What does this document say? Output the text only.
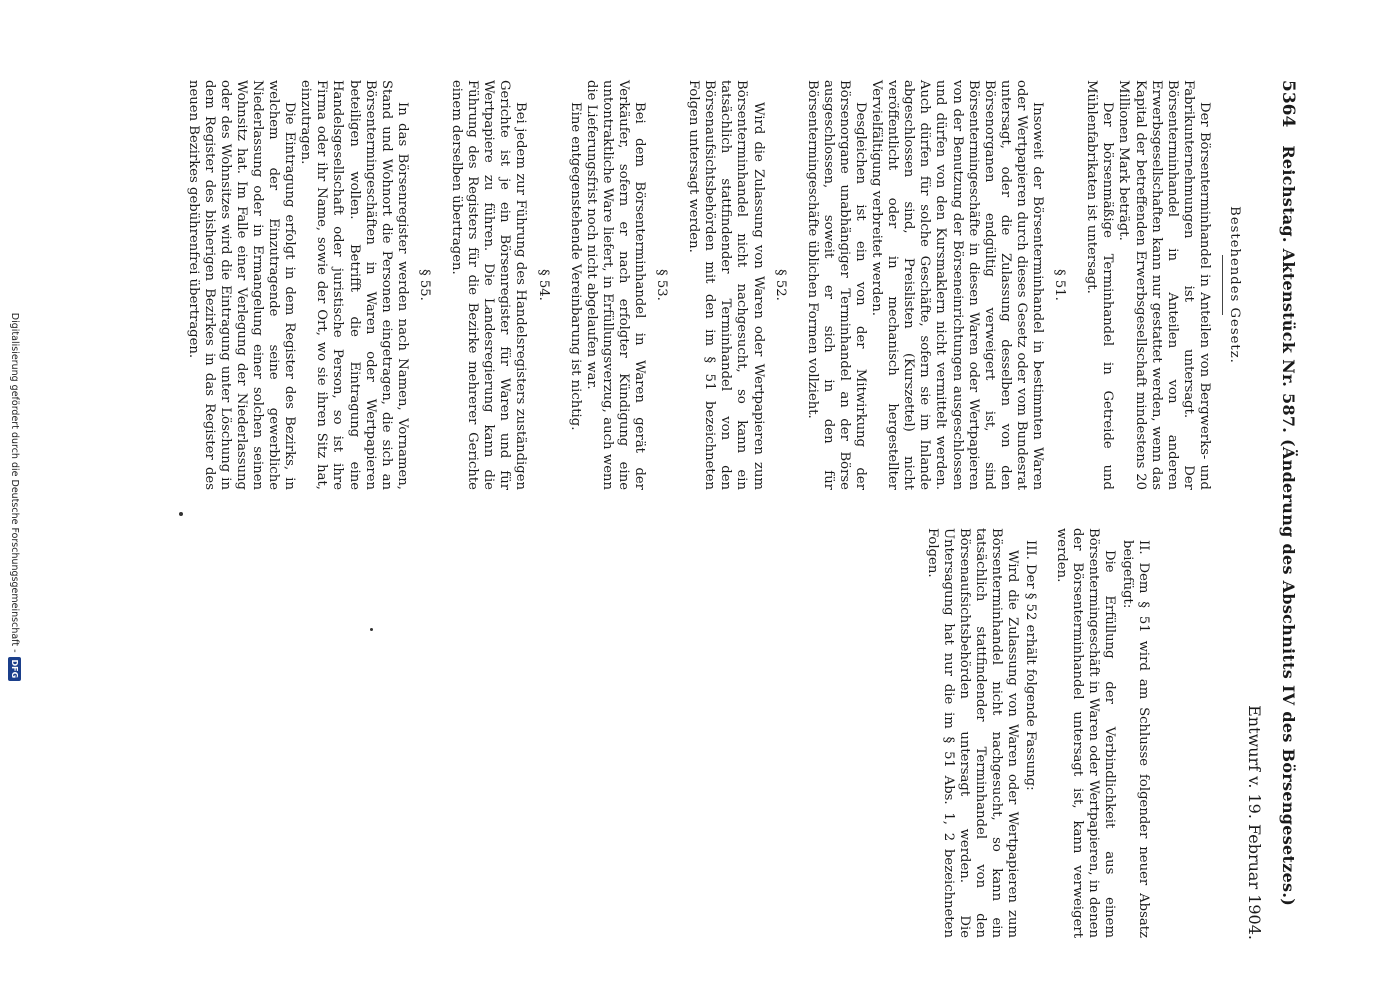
5364
Reichstag. Aktenstück Nr. 587. (Änderung des Abschnitts IV des Börsengesetzes.)
Entwurf v. 19. Februar 1904.
Bestehendes Gesetz.

Der Börsenterminhandel in Anteilen von Bergwerks- und Fabrikunternehmungen ist untersagt. Der Börsenterminhandel in Anteilen von anderen Erwerbsgesellschaften kann nur gestattet werden, wenn das Kapital der betreffenden Erwerbsgesellschaft mindestens 20 Millionen Mark beträgt.

Der börsenmäßige Terminhandel in Getreide und Mühlenfabrikaten ist untersagt.

§ 51.

Insoweit der Börsenterminhandel in bestimmten Waren oder Wertpapieren durch dieses Gesetz oder vom Bundesrat untersagt, oder die Zulassung desselben von den Börsenorganen endgültig verweigert ist, sind Börsentermingeschäfte in diesen Waren oder Wertpapieren von der Benutzung der Börseneinrichtungen ausgeschlossen und dürfen von den Kursmaklern nicht vermittelt werden. Auch dürfen für solche Geschäfte, sofern sie im Inlande abgeschlossen sind, Preislisten (Kurszettel) nicht veröffentlicht oder in mechanisch hergestellter Vervielfältigung verbreitet werden.

Desgleichen ist ein von der Mitwirkung der Börsenorgane unabhängiger Terminhandel an der Börse ausgeschlossen, soweit er sich in den für Börsentermingeschäfte üblichen Formen vollzieht.

§ 52.

Wird die Zulassung von Waren oder Wertpapieren zum Börsenterminhandel nicht nachgesucht, so kann ein tatsächlich stattfindender Terminhandel von den Börsenaufsichtsbehörden mit den im § 51 bezeichneten Folgen untersagt werden.

§ 53.

Bei dem Börsenterminhandel in Waren gerät der Verkäufer, sofern er nach erfolgter Kündigung eine untontraktliche Ware liefert, in Erfüllungsverzug, auch wenn die Lieferungsfrist noch nicht abgelaufen war.

Eine entgegenstehende Vereinbarung ist nichtig.

§ 54.

Bei jedem zur Führung des Handelsregisters zuständigen Gerichte ist je ein Börsenregister für Waren und für Wertpapiere zu führen. Die Landesregierung kann die Führung des Registers für die Bezirke mehrerer Gerichte einem derselben übertragen.

§ 55.

In das Börsenregister werden nach Namen, Vornamen, Stand und Wohnort die Personen eingetragen, die sich an Börsentermingeschäften in Waren oder Wertpapieren beteiligen wollen. Betrifft die Eintragung eine Handelsgesellschaft oder juristische Person, so ist ihre Firma oder ihr Name, sowie der Ort, wo sie ihren Sitz hat, einzutragen.

Die Eintragung erfolgt in dem Register des Bezirks, in welchem der Einzutragende seine gewerbliche Niederlassung oder in Ermangelung einer solchen seinen Wohnsitz hat. Im Falle einer Verlegung der Niederlassung oder des Wohnsitzes wird die Eintragung unter Löschung in dem Register des bisherigen Bezirkes in das Register des neuen Bezirkes gebührenfrei übertragen.

II. Dem § 51 wird am Schlusse folgender neuer Absatz beigefügt:

Die Erfüllung der Verbindlichkeit aus einem Börsentermingeschäft in Waren oder Wertpapieren, in denen der Börsenterminhandel untersagt ist, kann verweigert werden.

III. Der § 52 erhält folgende Fassung:

Wird die Zulassung von Waren oder Wertpapieren zum Börsenterminhandel nicht nachgesucht, so kann ein tatsächlich stattfindender Terminhandel von den Börsenaufsichtsbehörden untersagt werden. Die Untersagung hat nur die im § 51 Abs. 1, 2 bezeichneten Folgen.

Digitalisierung gefördert durch die Deutsche Forschungsgemeinschaft -
DFG
